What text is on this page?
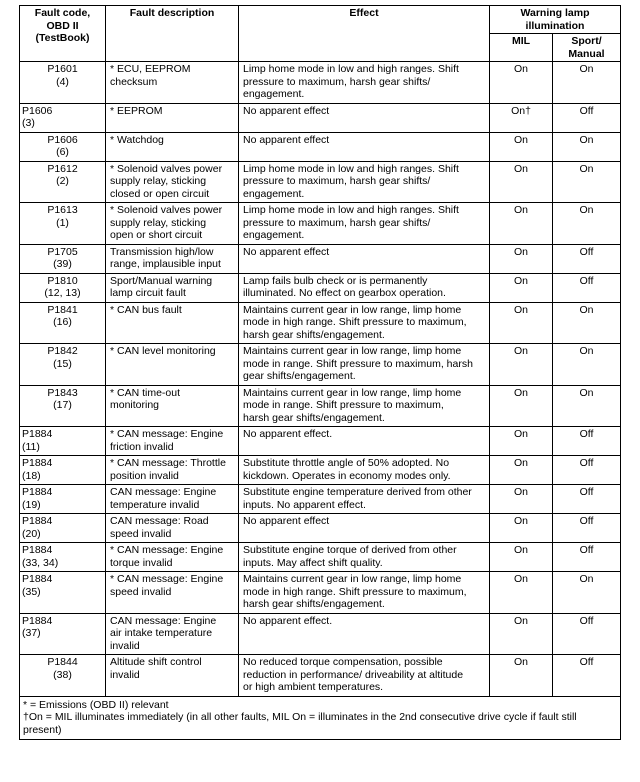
Fault code,
OBD II
(TestBook)	Fault description	Effect	Warning lamp
illumination	

			MIL	Sport/
Manual

P1601
(4)	* ECU, EEPROM
checksum	Limp home mode in low and high ranges. Shift
pressure to maximum, harsh gear shifts/
engagement.	On	On

P1606
(3)	* EEPROM	No apparent effect	On†	Off

P1606
(6)	* Watchdog	No apparent effect	On	On

P1612
(2)	* Solenoid valves power
supply relay, sticking
closed or open circuit	Limp home mode in low and high ranges. Shift
pressure to maximum, harsh gear shifts/
engagement.	On	On

P1613
(1)	* Solenoid valves power
supply relay, sticking
open or short circuit	Limp home mode in low and high ranges. Shift
pressure to maximum, harsh gear shifts/
engagement.	On	On

P1705
(39)	Transmission high/low
range, implausible input	No apparent effect	On	Off

P1810
(12, 13)	Sport/Manual warning
lamp circuit fault	Lamp fails bulb check or is permanently
illuminated. No effect on gearbox operation.	On	Off

P1841
(16)	* CAN bus fault	Maintains current gear in low range, limp home
mode in high range. Shift pressure to maximum,
harsh gear shifts/engagement.	On	On

P1842
(15)	* CAN level monitoring	Maintains current gear in low range, limp home
mode in range. Shift pressure to maximum, harsh
gear shifts/engagement.	On	On

P1843
(17)	* CAN time-out
monitoring	Maintains current gear in low range, limp home
mode in range. Shift pressure to maximum,
harsh gear shifts/engagement.	On	On

P1884
(11)	* CAN message: Engine
friction invalid	No apparent effect.	On	Off

P1884
(18)	* CAN message: Throttle
position invalid	Substitute throttle angle of 50% adopted. No
kickdown. Operates in economy modes only.	On	Off

P1884
(19)	CAN message: Engine
temperature invalid	Substitute engine temperature derived from other
inputs. No apparent effect.	On	Off

P1884
(20)	CAN message: Road
speed invalid	No apparent effect	On	Off

P1884
(33, 34)	* CAN message: Engine
torque invalid	Substitute engine torque of derived from other
inputs. May affect shift quality.	On	Off

P1884
(35)	* CAN message: Engine
speed invalid	Maintains current gear in low range, limp home
mode in high range. Shift pressure to maximum,
harsh gear shifts/engagement.	On	On

P1884
(37)	CAN message: Engine
air intake temperature
invalid	No apparent effect.	On	Off

P1844
(38)	Altitude shift control
invalid	No reduced torque compensation, possible
reduction in performance/ driveability at altitude
or high ambient temperatures.	On	Off

* = Emissions (OBD II) relevant
†On = MIL illuminates immediately (in all other faults, MIL On = illuminates in the 2nd consecutive drive cycle if fault still present)				
